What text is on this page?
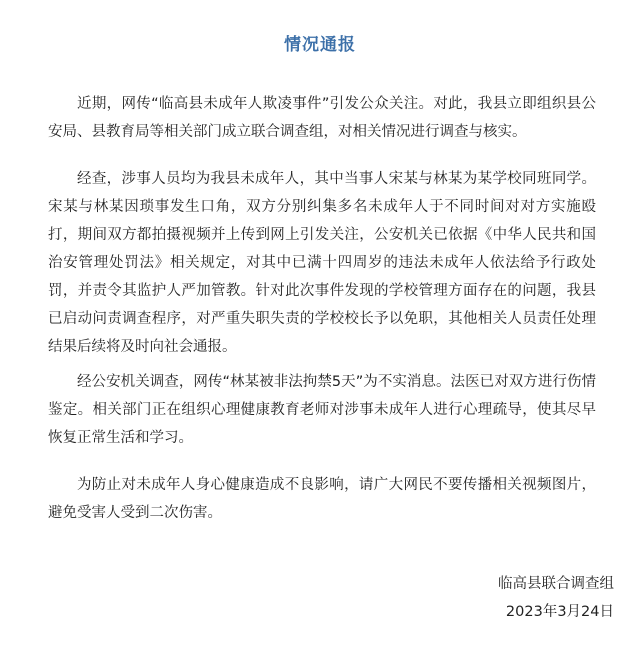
情况通报

近期，网传“临高县未成年人欺凌事件”引发公众关注。对此，我县立即组织县公安局、县教育局等相关部门成立联合调查组，对相关情况进行调查与核实。

经查，涉事人员均为我县未成年人，其中当事人宋某与林某为某学校同班同学。宋某与林某因琐事发生口角，双方分别纠集多名未成年人于不同时间对对方实施殴打，期间双方都拍摄视频并上传到网上引发关注，公安机关已依据《中华人民共和国治安管理处罚法》相关规定，对其中已满十四周岁的违法未成年人依法给予行政处罚，并责令其监护人严加管教。针对此次事件发现的学校管理方面存在的问题，我县已启动问责调查程序，对严重失职失责的学校校长予以免职，其他相关人员责任处理结果后续将及时向社会通报。

经公安机关调查，网传“林某被非法拘禁5天”为不实消息。法医已对双方进行伤情鉴定。相关部门正在组织心理健康教育老师对涉事未成年人进行心理疏导，使其尽早恢复正常生活和学习。

为防止对未成年人身心健康造成不良影响，请广大网民不要传播相关视频图片，避免受害人受到二次伤害。

临高县联合调查组
2023年3月24日
